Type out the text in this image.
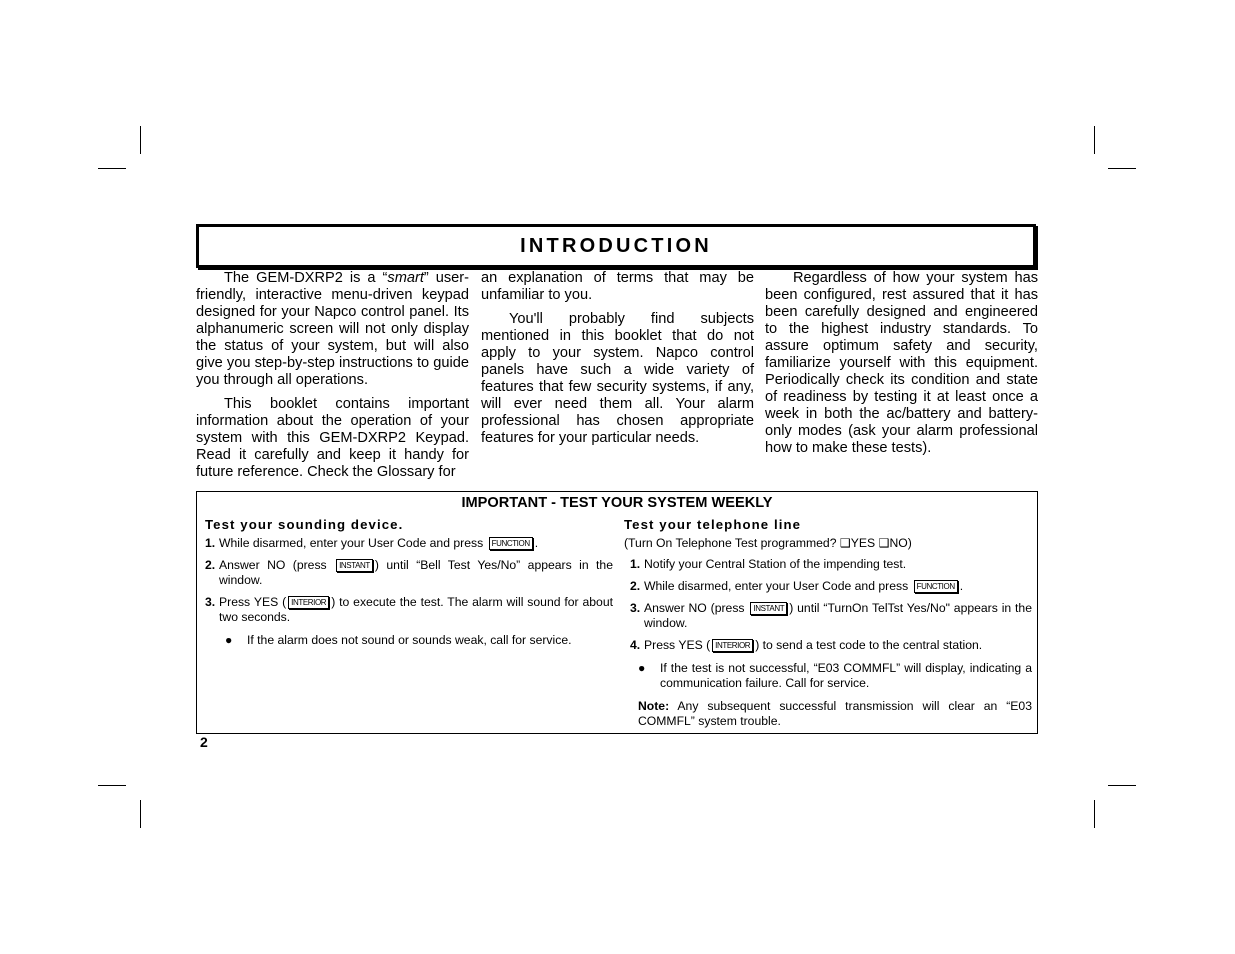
INTRODUCTION

The GEM-DXRP2 is a “smart” user-friendly, interactive menu-driven keypad designed for your Napco control panel. Its alphanumeric screen will not only display the status of your system, but will also give you step-by-step instructions to guide you through all operations.

This booklet contains important information about the operation of your system with this GEM-DXRP2 Keypad. Read it carefully and keep it handy for future reference. Check the Glossary for

an explanation of terms that may be unfamiliar to you.

You'll probably find subjects mentioned in this booklet that do not apply to your system. Napco control panels have such a wide variety of features that few security systems, if any, will ever need them all. Your alarm professional has chosen appropriate features for your particular needs.

Regardless of how your system has been configured, rest assured that it has been carefully designed and engineered to the highest industry standards. To assure optimum safety and security, familiarize yourself with this equipment. Periodically check its condition and state of readiness by testing it at least once a week in both the ac/battery and battery-only modes (ask your alarm professional how to make these tests).

IMPORTANT - TEST YOUR SYSTEM WEEKLY
Test your sounding device.
1. While disarmed, enter your User Code and press FUNCTION .
2. Answer NO (press INSTANT ) until “Bell Test Yes/No” appears in the window.
3. Press YES ( INTERIOR ) to execute the test. The alarm will sound for about two seconds.
●	If the alarm does not sound or sounds weak, call for service.
Test your telephone line
(Turn On Telephone Test programmed? ❑YES ❑NO)
1. Notify your Central Station of the impending test.
2. While disarmed, enter your User Code and press FUNCTION .
3. Answer NO (press INSTANT ) until “TurnOn TelTst Yes/No" appears in the window.
4. Press YES ( INTERIOR ) to send a test code to the central station.
●	If the test is not successful, “E03 COMMFL” will display, indicating a communication failure. Call for service.
Note: Any subsequent successful transmission will clear an “E03 COMMFL” system trouble.
2
